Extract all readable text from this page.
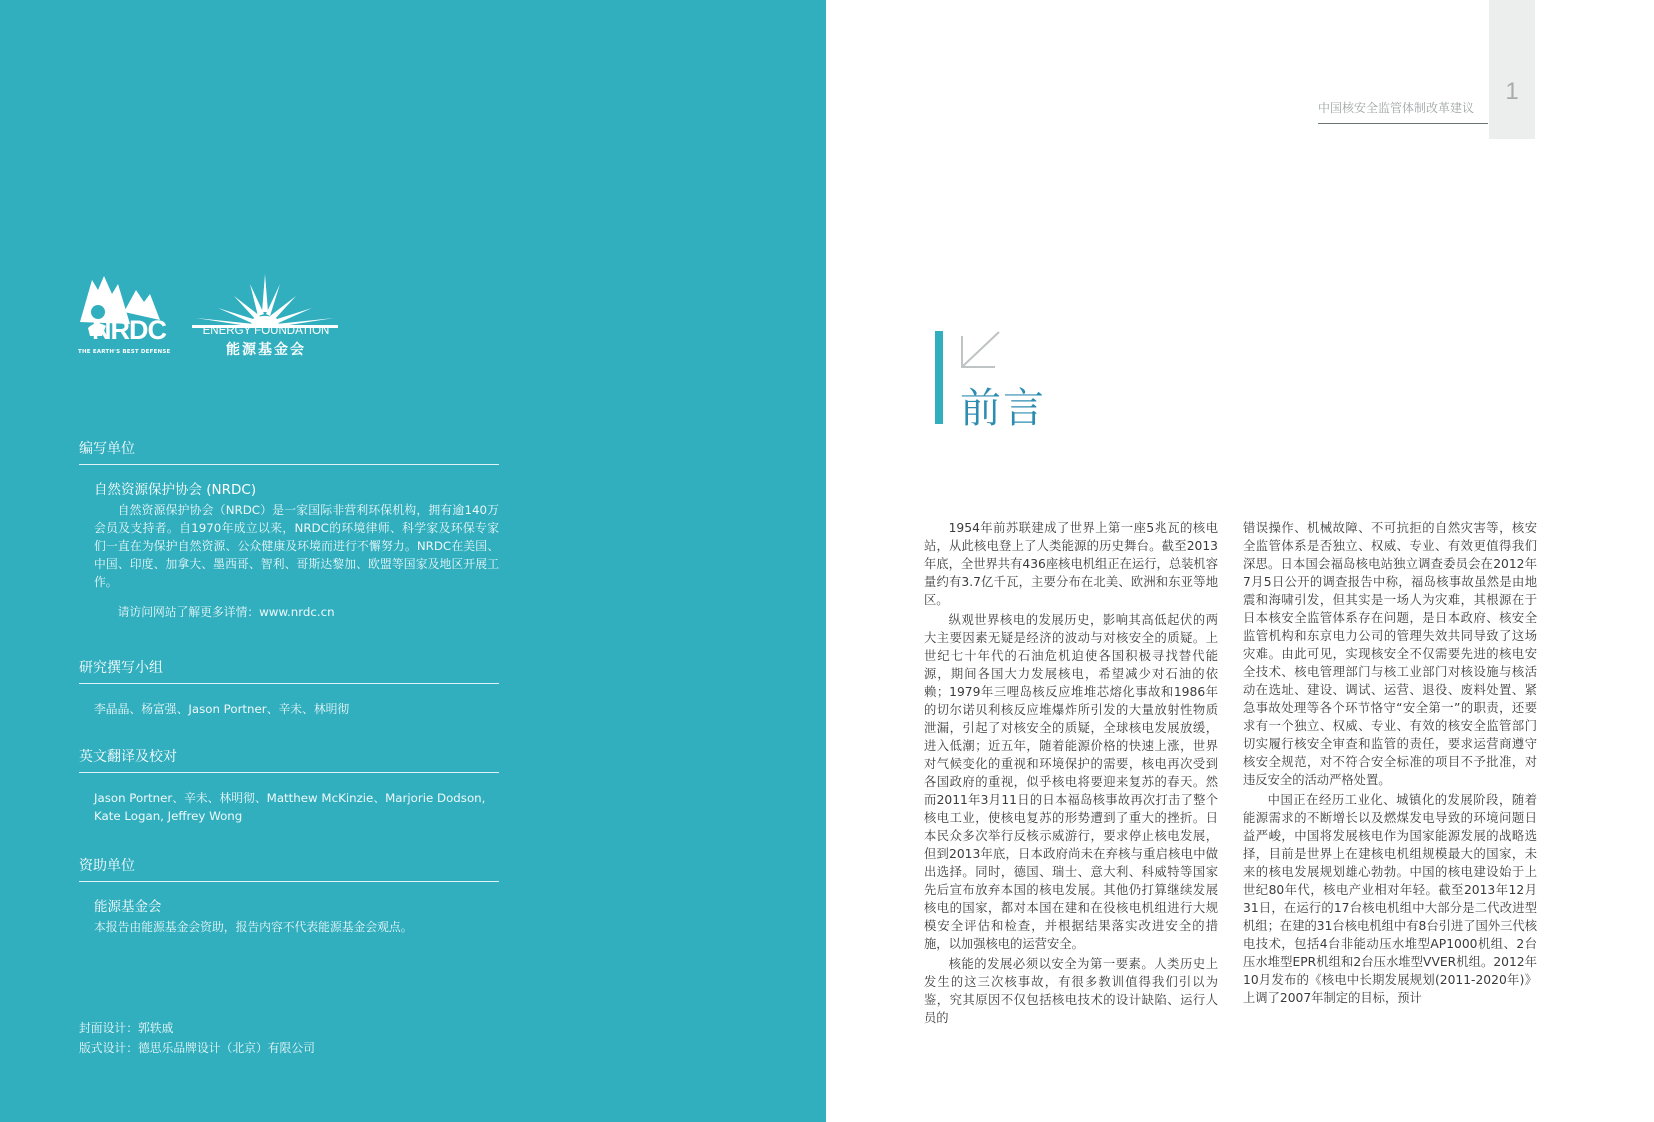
NRDC
THE EARTH'S BEST DEFENSE
ENERGY FOUNDATION
能源基金会
编写单位
自然资源保护协会 (NRDC)
自然资源保护协会（NRDC）是一家国际非营利环保机构，拥有逾140万会员及支持者。自1970年成立以来，NRDC的环境律师、科学家及环保专家们一直在为保护自然资源、公众健康及环境而进行不懈努力。NRDC在美国、中国、印度、加拿大、墨西哥、智利、哥斯达黎加、欧盟等国家及地区开展工作。
请访问网站了解更多详情：www.nrdc.cn
研究撰写小组
李晶晶、杨富强、Jason Portner、辛未、林明彻
英文翻译及校对
Jason Portner、辛未、林明彻、Matthew McKinzie、Marjorie Dodson, Kate Logan, Jeffrey Wong
资助单位
能源基金会
本报告由能源基金会资助，报告内容不代表能源基金会观点。
封面设计：郭轶戚
版式设计：德思乐品牌设计（北京）有限公司
1
中国核安全监管体制改革建议
前言

1954年前苏联建成了世界上第一座5兆瓦的核电站，从此核电登上了人类能源的历史舞台。截至2013年底，全世界共有436座核电机组正在运行，总装机容量约有3.7亿千瓦，主要分布在北美、欧洲和东亚等地区。

纵观世界核电的发展历史，影响其高低起伏的两大主要因素无疑是经济的波动与对核安全的质疑。上世纪七十年代的石油危机迫使各国积极寻找替代能源，期间各国大力发展核电，希望减少对石油的依赖；1979年三哩岛核反应堆堆芯熔化事故和1986年的切尔诺贝利核反应堆爆炸所引发的大量放射性物质泄漏，引起了对核安全的质疑，全球核电发展放缓，进入低潮；近五年，随着能源价格的快速上涨，世界对气候变化的重视和环境保护的需要，核电再次受到各国政府的重视，似乎核电将要迎来复苏的春天。然而2011年3月11日的日本福岛核事故再次打击了整个核电工业，使核电复苏的形势遭到了重大的挫折。日本民众多次举行反核示威游行，要求停止核电发展，但到2013年底，日本政府尚未在弃核与重启核电中做出选择。同时，德国、瑞士、意大利、科威特等国家先后宣布放弃本国的核电发展。其他仍打算继续发展核电的国家，都对本国在建和在役核电机组进行大规模安全评估和检查，并根据结果落实改进安全的措施，以加强核电的运营安全。

核能的发展必须以安全为第一要素。人类历史上发生的这三次核事故，有很多教训值得我们引以为鉴，究其原因不仅包括核电技术的设计缺陷、运行人员的

错误操作、机械故障、不可抗拒的自然灾害等，核安全监管体系是否独立、权威、专业、有效更值得我们深思。日本国会福岛核电站独立调查委员会在2012年7月5日公开的调查报告中称，福岛核事故虽然是由地震和海啸引发，但其实是一场人为灾难，其根源在于日本核安全监管体系存在问题，是日本政府、核安全监管机构和东京电力公司的管理失效共同导致了这场灾难。由此可见，实现核安全不仅需要先进的核电安全技术、核电管理部门与核工业部门对核设施与核活动在选址、建设、调试、运营、退役、废料处置、紧急事故处理等各个环节恪守“安全第一”的职责，还要求有一个独立、权威、专业、有效的核安全监管部门切实履行核安全审查和监管的责任，要求运营商遵守核安全规范，对不符合安全标准的项目不予批准，对违反安全的活动严格处置。

中国正在经历工业化、城镇化的发展阶段，随着能源需求的不断增长以及燃煤发电导致的环境问题日益严峻，中国将发展核电作为国家能源发展的战略选择，目前是世界上在建核电机组规模最大的国家，未来的核电发展规划雄心勃勃。中国的核电建设始于上世纪80年代，核电产业相对年轻。截至2013年12月31日，在运行的17台核电机组中大部分是二代改进型机组；在建的31台核电机组中有8台引进了国外三代核电技术，包括4台非能动压水堆型AP1000机组、2台压水堆型EPR机组和2台压水堆型VVER机组。2012年10月发布的《核电中长期发展规划(2011-2020年)》上调了2007年制定的目标，预计
